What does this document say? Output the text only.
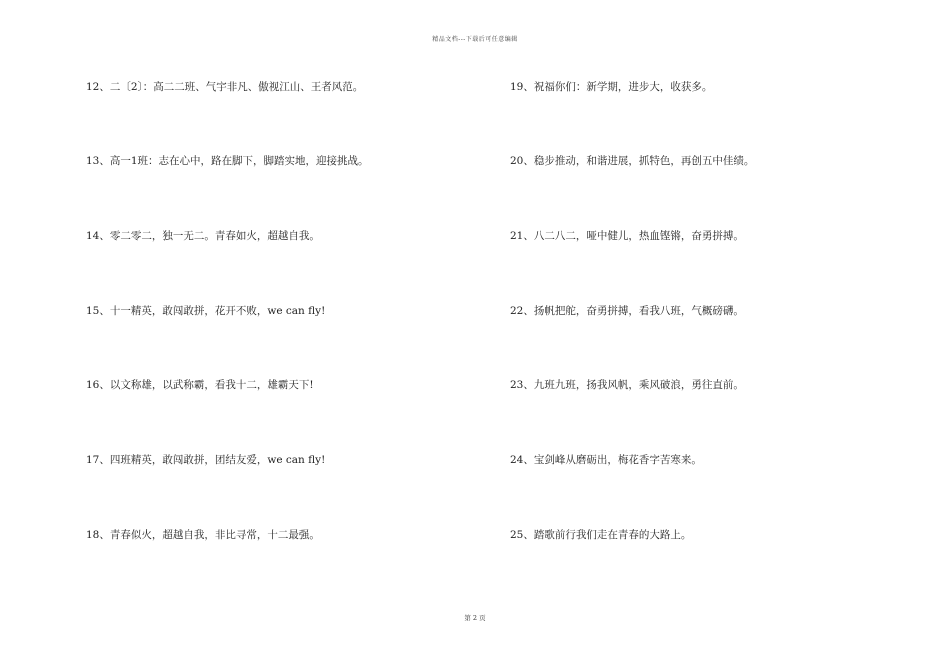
精品文档---下载后可任意编辑
12、二〔2〕：高二二班、气宇非凡、傲视江山、王者风范。
13、高一1班：志在心中，路在脚下，脚踏实地，迎接挑战。
14、零二零二，独一无二。青春如火，超越自我。
15、十一精英，敢闯敢拼，花开不败，we can fly!
16、以文称雄，以武称霸，看我十二，雄霸天下!
17、四班精英，敢闯敢拼，团结友爱，we can fly!
18、青春似火，超越自我，非比寻常，十二最强。
19、祝福你们：新学期，进步大，收获多。
20、稳步推动，和谐进展，抓特色，再创五中佳绩。
21、八二八二，哑中健儿，热血铿锵，奋勇拼搏。
22、扬帆把舵，奋勇拼搏，看我八班，气概磅礴。
23、九班九班，扬我风帆，乘风破浪，勇往直前。
24、宝剑峰从磨砺出，梅花香字苦寒来。
25、踏歌前行我们走在青春的大路上。
第 2 页
